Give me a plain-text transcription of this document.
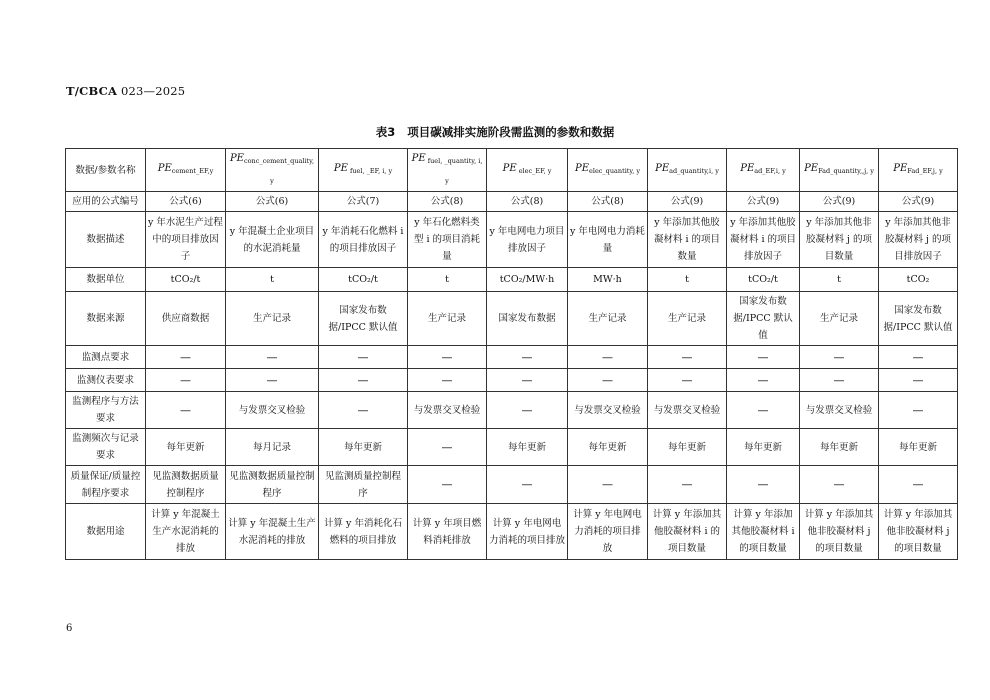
T/CBCA 023—2025
表3 项目碳减排实施阶段需监测的参数和数据
数据/参数名称	$PE_{cement\_EF,y}$	$PE_{conc\_cement\_quality, y}$	PE $_{fuel, \_EF, i, y}$	PE $_{fuel, \_quantity, i, y}$	PE $_{elec\_EF, y}$	$PE_{elec\_quantity, y}$	$PE_{ad\_quantity,i, y}$	$PE_{ad\_EF,i, y}$	$PE_{Fad\_quantity,,j, y}$	$PE_{Fad\_EF,j, y}$
应用的公式编号	公式(6)	公式(6)	公式(7)	公式(8)	公式(8)	公式(8)	公式(9)	公式(9)	公式(9)	公式(9)
数据描述	y 年水泥生产过程中的项目排放因子	y 年混凝土企业项目的水泥消耗量	y 年消耗石化燃料 i 的项目排放因子	y 年石化燃料类型 i 的项目消耗量	y 年电网电力项目排放因子	y 年电网电力消耗量	y 年添加其他胶凝材料 i 的项目数量	y 年添加其他胶凝材料 i 的项目排放因子	y 年添加其他非胶凝材料 j 的项目数量	y 年添加其他非胶凝材料 j 的项目排放因子
数据单位	tCO₂/t	t	tCO₂/t	t	tCO₂/MW·h	MW·h	t	tCO₂/t	t	tCO₂
数据来源	供应商数据	生产记录	国家发布数据/IPCC 默认值	生产记录	国家发布数据	生产记录	生产记录	国家发布数据/IPCC 默认值	生产记录	国家发布数据/IPCC 默认值
监测点要求	—	—	—	—	—	—	—	—	—	—
监测仪表要求	—	—	—	—	—	—	—	—	—	—
监测程序与方法要求	—	与发票交叉检验	—	与发票交叉检验	—	与发票交叉检验	与发票交叉检验	—	与发票交叉检验	—
监测频次与记录要求	每年更新	每月记录	每年更新	—	每年更新	每年更新	每年更新	每年更新	每年更新	每年更新
质量保证/质量控制程序要求	见监测数据质量控制程序	见监测数据质量控制程序	见监测质量控制程序	—	—	—	—	—	—	—
数据用途	计算 y 年混凝土生产水泥消耗的排放	计算 y 年混凝土生产水泥消耗的排放	计算 y 年消耗化石燃料的项目排放	计算 y 年项目燃料消耗排放	计算 y 年电网电力消耗的项目排放	计算 y 年电网电力消耗的项目排放	计算 y 年添加其他胶凝材料 i 的项目数量	计算 y 年添加其他胶凝材料 i 的项目数量	计算 y 年添加其他非胶凝材料 j 的项目数量	计算 y 年添加其他非胶凝材料 j 的项目数量
6
